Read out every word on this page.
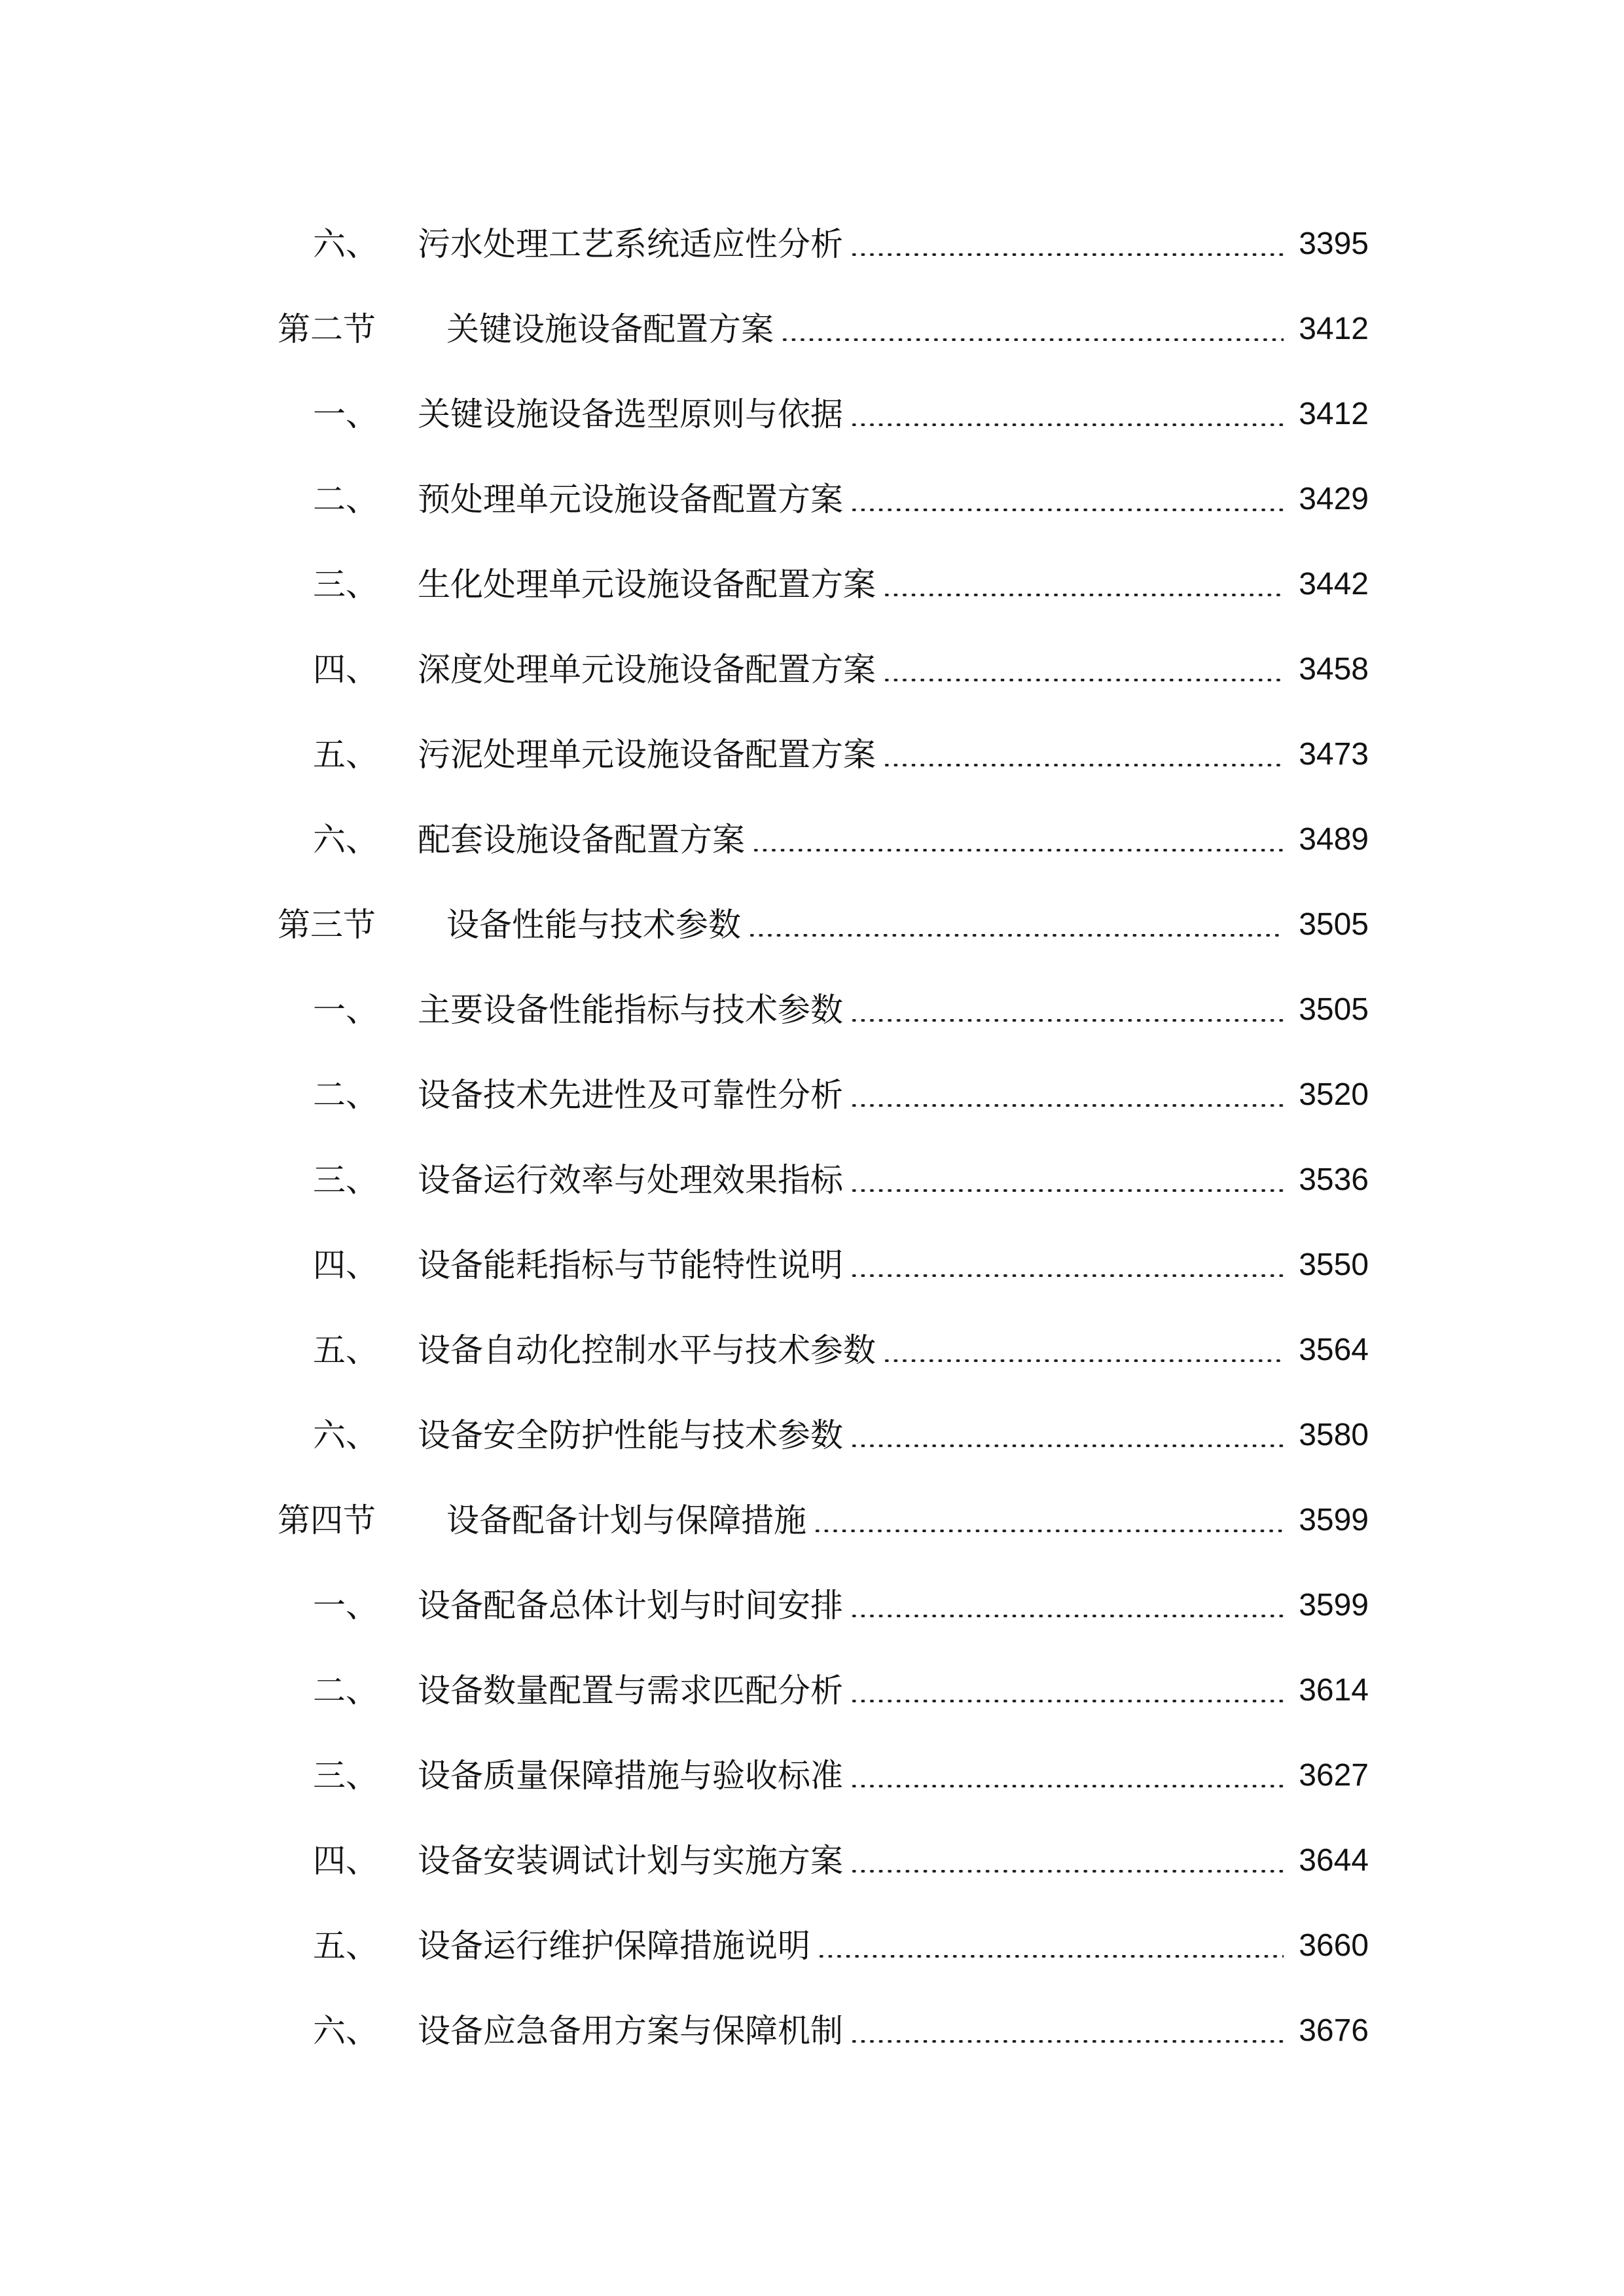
六、	污水处理工艺系统适应性分析	3395
第二节	关键设施设备配置方案	3412
一、	关键设施设备选型原则与依据	3412
二、	预处理单元设施设备配置方案	3429
三、	生化处理单元设施设备配置方案	3442
四、	深度处理单元设施设备配置方案	3458
五、	污泥处理单元设施设备配置方案	3473
六、	配套设施设备配置方案	3489
第三节	设备性能与技术参数	3505
一、	主要设备性能指标与技术参数	3505
二、	设备技术先进性及可靠性分析	3520
三、	设备运行效率与处理效果指标	3536
四、	设备能耗指标与节能特性说明	3550
五、	设备自动化控制水平与技术参数	3564
六、	设备安全防护性能与技术参数	3580
第四节	设备配备计划与保障措施	3599
一、	设备配备总体计划与时间安排	3599
二、	设备数量配置与需求匹配分析	3614
三、	设备质量保障措施与验收标准	3627
四、	设备安装调试计划与实施方案	3644
五、	设备运行维护保障措施说明	3660
六、	设备应急备用方案与保障机制	3676
